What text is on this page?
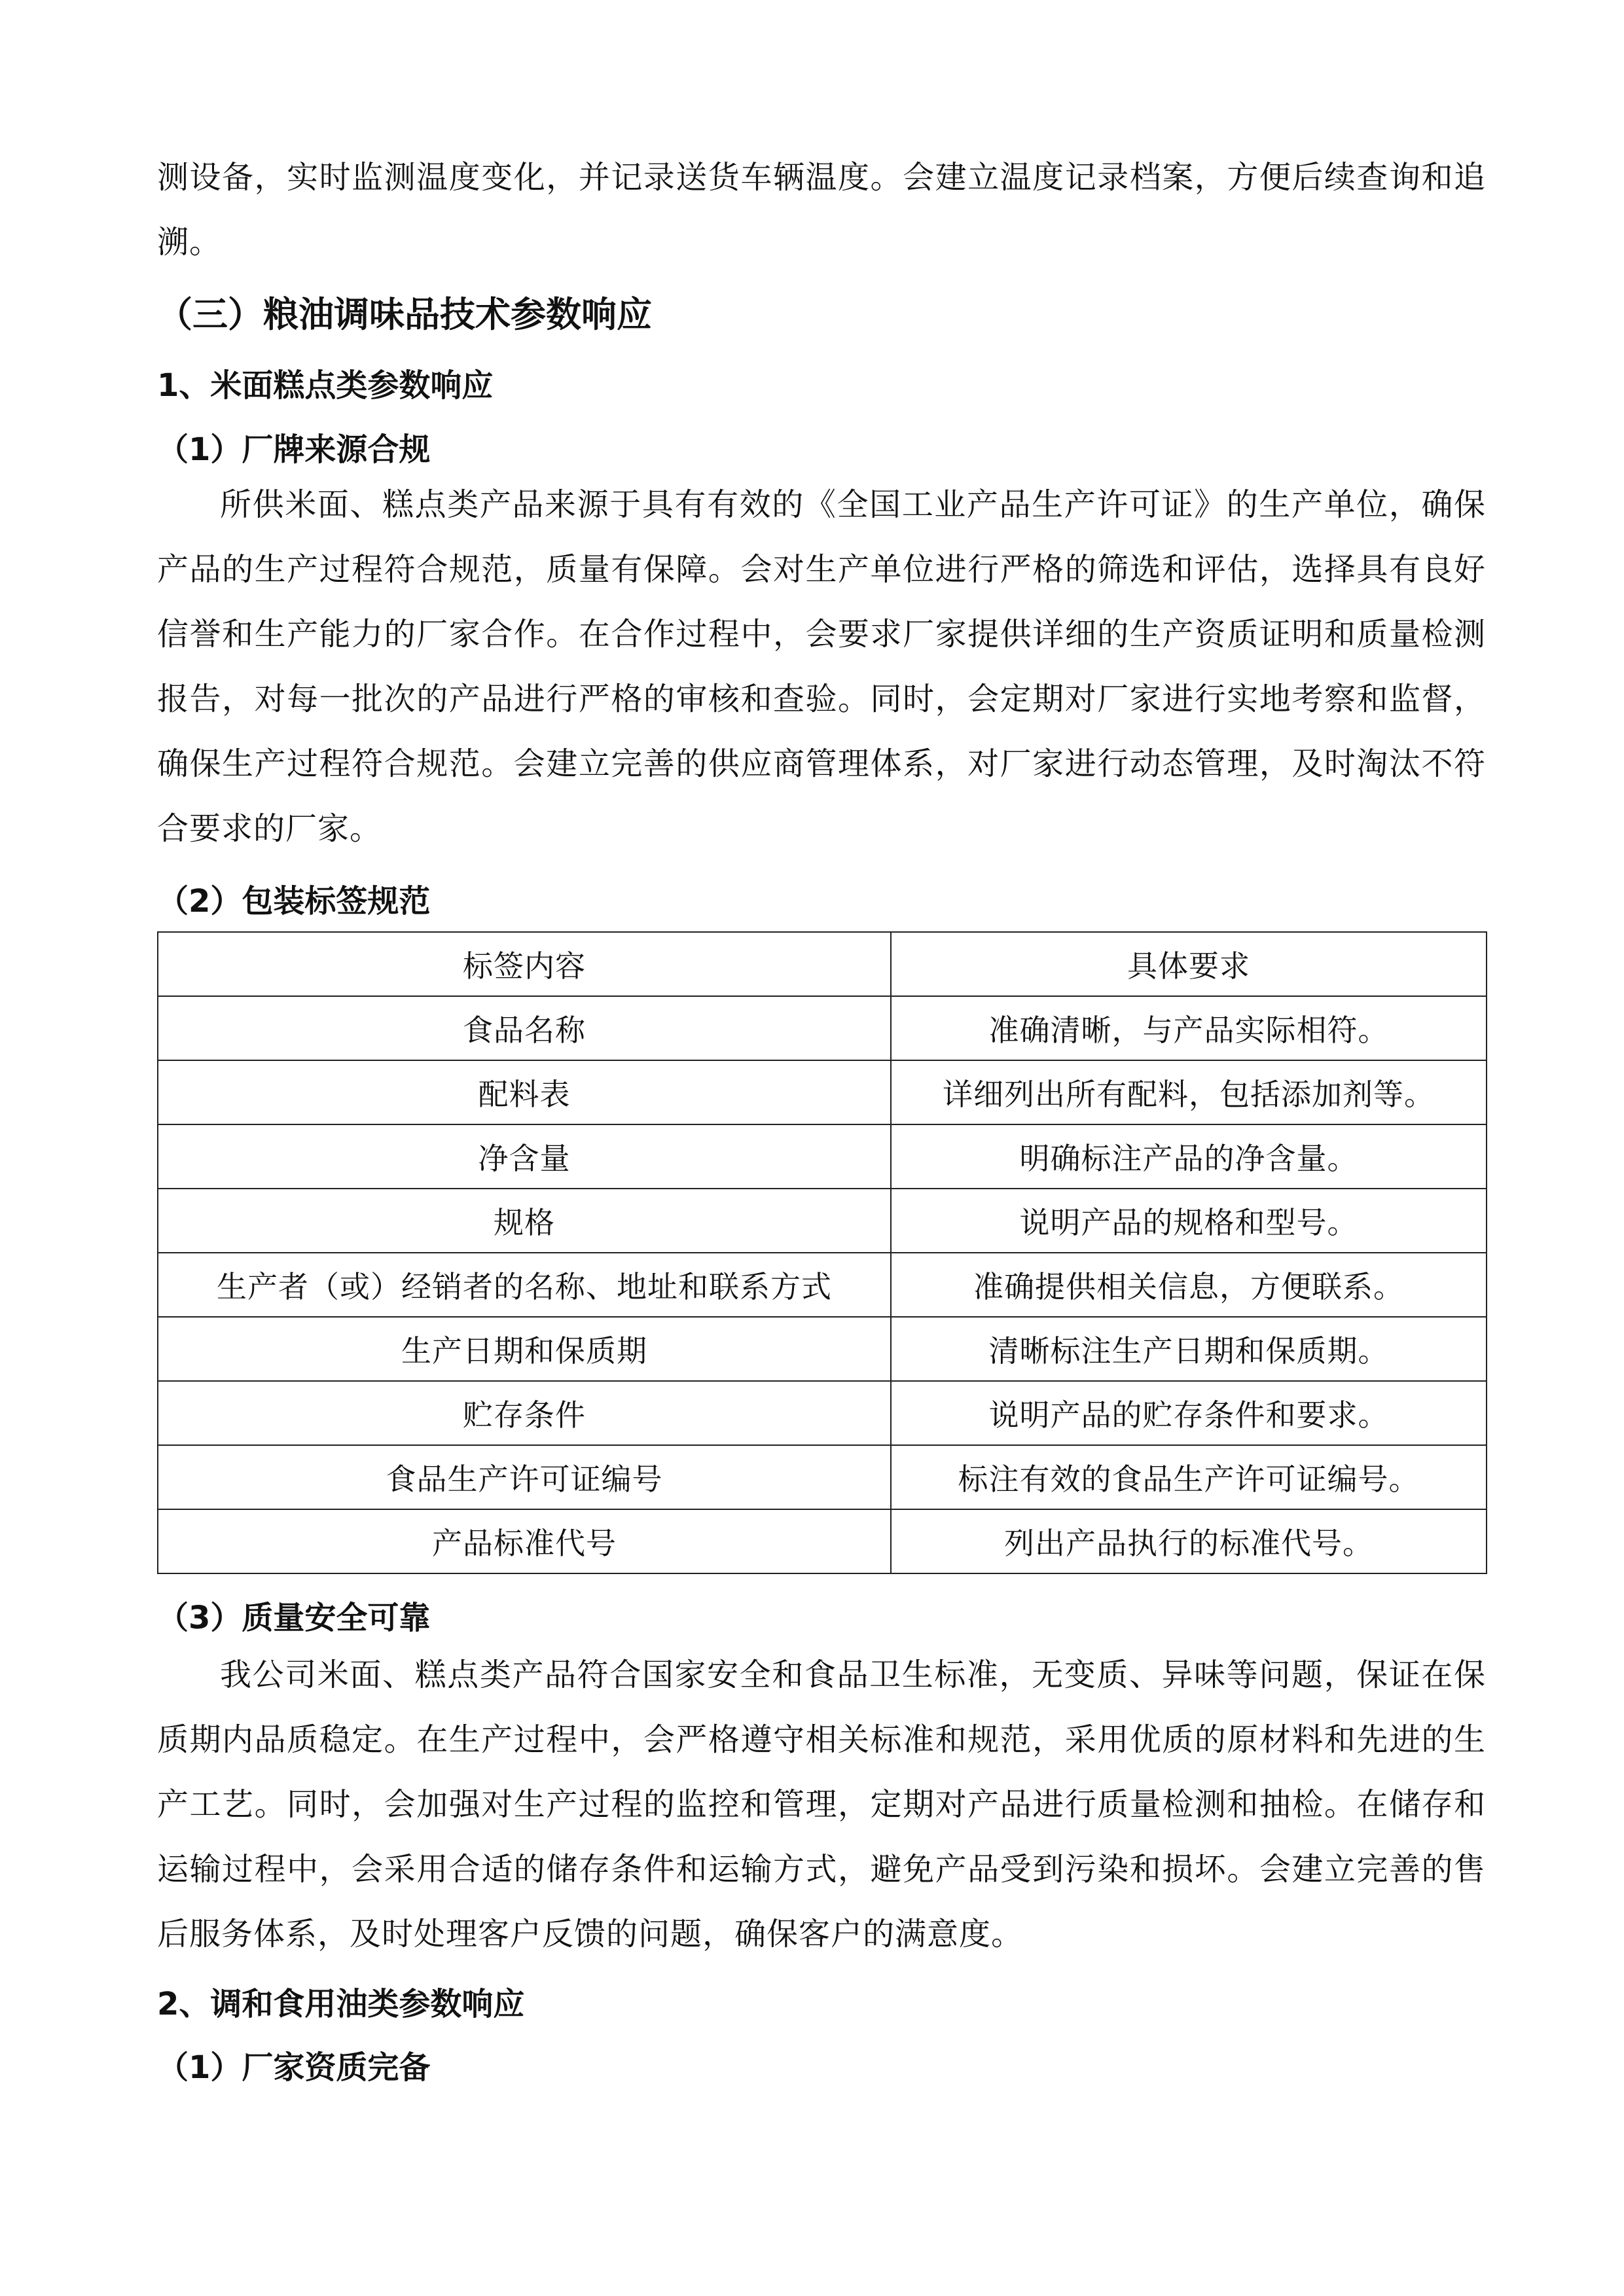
测设备，实时监测温度变化，并记录送货车辆温度。会建立温度记录档案，方便后续查询和追溯。

（三）粮油调味品技术参数响应
1、米面糕点类参数响应
（1）厂牌来源合规

所供米面、糕点类产品来源于具有有效的《全国工业产品生产许可证》的生产单位，确保产品的生产过程符合规范，质量有保障。会对生产单位进行严格的筛选和评估，选择具有良好信誉和生产能力的厂家合作。在合作过程中，会要求厂家提供详细的生产资质证明和质量检测报告，对每一批次的产品进行严格的审核和查验。同时，会定期对厂家进行实地考察和监督，确保生产过程符合规范。会建立完善的供应商管理体系，对厂家进行动态管理，及时淘汰不符合要求的厂家。

（2）包装标签规范
标签内容	具体要求
食品名称	准确清晰，与产品实际相符。
配料表	详细列出所有配料，包括添加剂等。
净含量	明确标注产品的净含量。
规格	说明产品的规格和型号。
生产者（或）经销者的名称、地址和联系方式	准确提供相关信息，方便联系。
生产日期和保质期	清晰标注生产日期和保质期。
贮存条件	说明产品的贮存条件和要求。
食品生产许可证编号	标注有效的食品生产许可证编号。
产品标准代号	列出产品执行的标准代号。
（3）质量安全可靠

我公司米面、糕点类产品符合国家安全和食品卫生标准，无变质、异味等问题，保证在保质期内品质稳定。在生产过程中，会严格遵守相关标准和规范，采用优质的原材料和先进的生产工艺。同时，会加强对生产过程的监控和管理，定期对产品进行质量检测和抽检。在储存和运输过程中，会采用合适的储存条件和运输方式，避免产品受到污染和损坏。会建立完善的售后服务体系，及时处理客户反馈的问题，确保客户的满意度。

2、调和食用油类参数响应
（1）厂家资质完备
